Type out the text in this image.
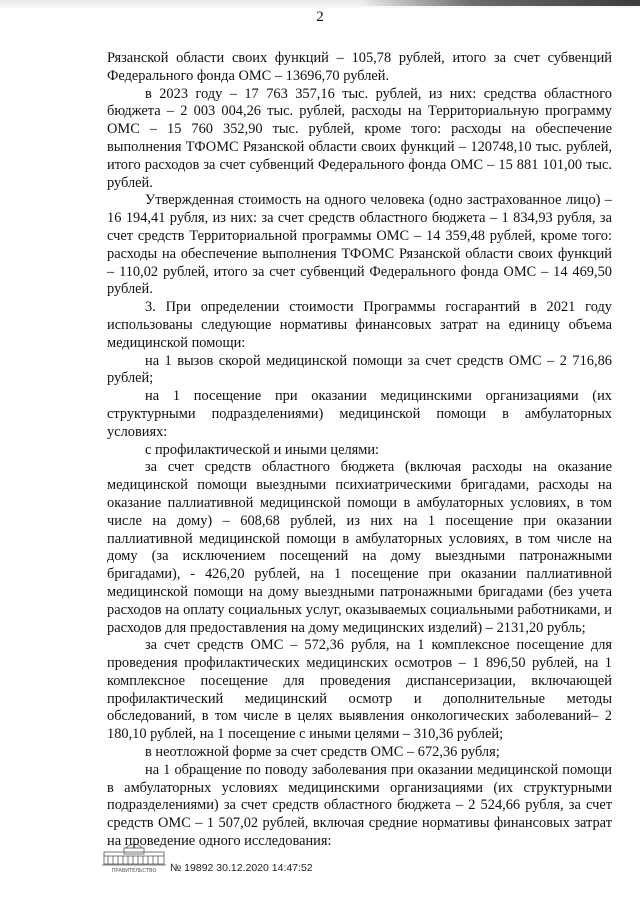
2

Рязанской области своих функций – 105,78 рублей, итого за счет субвенций Федерального фонда ОМС – 13696,70 рублей.

в 2023 году – 17 763 357,16 тыс. рублей, из них: средства областного бюджета – 2 003 004,26 тыс. рублей, расходы на Территориальную программу ОМС – 15 760 352,90 тыс. рублей, кроме того: расходы на обеспечение выполнения ТФОМС Рязанской области своих функций – 120748,10 тыс. рублей, итого расходов за счет субвенций Федерального фонда ОМС – 15 881 101,00 тыс. рублей.

Утвержденная стоимость на одного человека (одно застрахованное лицо) – 16 194,41 рубля, из них: за счет средств областного бюджета – 1 834,93 рубля, за счет средств Территориальной программы ОМС – 14 359,48 рублей, кроме того: расходы на обеспечение выполнения ТФОМС Рязанской области своих функций – 110,02 рублей, итого за счет субвенций Федерального фонда ОМС – 14 469,50 рублей.

3. При определении стоимости Программы госгарантий в 2021 году использованы следующие нормативы финансовых затрат на единицу объема медицинской помощи:

на 1 вызов скорой медицинской помощи за счет средств ОМС – 2 716,86 рублей;

на 1 посещение при оказании медицинскими организациями (их структурными подразделениями) медицинской помощи в амбулаторных условиях:

с профилактической и иными целями:

за счет средств областного бюджета (включая расходы на оказание медицинской помощи выездными психиатрическими бригадами, расходы на оказание паллиативной медицинской помощи в амбулаторных условиях, в том числе на дому) – 608,68 рублей, из них на 1 посещение при оказании паллиативной медицинской помощи в амбулаторных условиях, в том числе на дому (за исключением посещений на дому выездными патронажными бригадами), - 426,20 рублей, на 1 посещение при оказании паллиативной медицинской помощи на дому выездными патронажными бригадами (без учета расходов на оплату социальных услуг, оказываемых социальными работниками, и расходов для предоставления на дому медицинских изделий) – 2131,20 рубль;

за счет средств ОМС – 572,36 рубля, на 1 комплексное посещение для проведения профилактических медицинских осмотров – 1 896,50 рублей, на 1 комплексное посещение для проведения диспансеризации, включающей профилактический медицинский осмотр и дополнительные методы обследований, в том числе в целях выявления онкологических заболеваний– 2 180,10 рублей, на 1 посещение с иными целями – 310,36 рублей;

в неотложной форме за счет средств ОМС – 672,36 рубля;

на 1 обращение по поводу заболевания при оказании медицинской помощи в амбулаторных условиях медицинскими организациями (их структурными подразделениями) за счет средств областного бюджета – 2 524,66 рубля, за счет средств ОМС – 1 507,02 рублей, включая средние нормативы финансовых затрат на проведение одного исследования:

ПРАВИТЕЛЬСТВО № 19892 30.12.2020 14:47:52
